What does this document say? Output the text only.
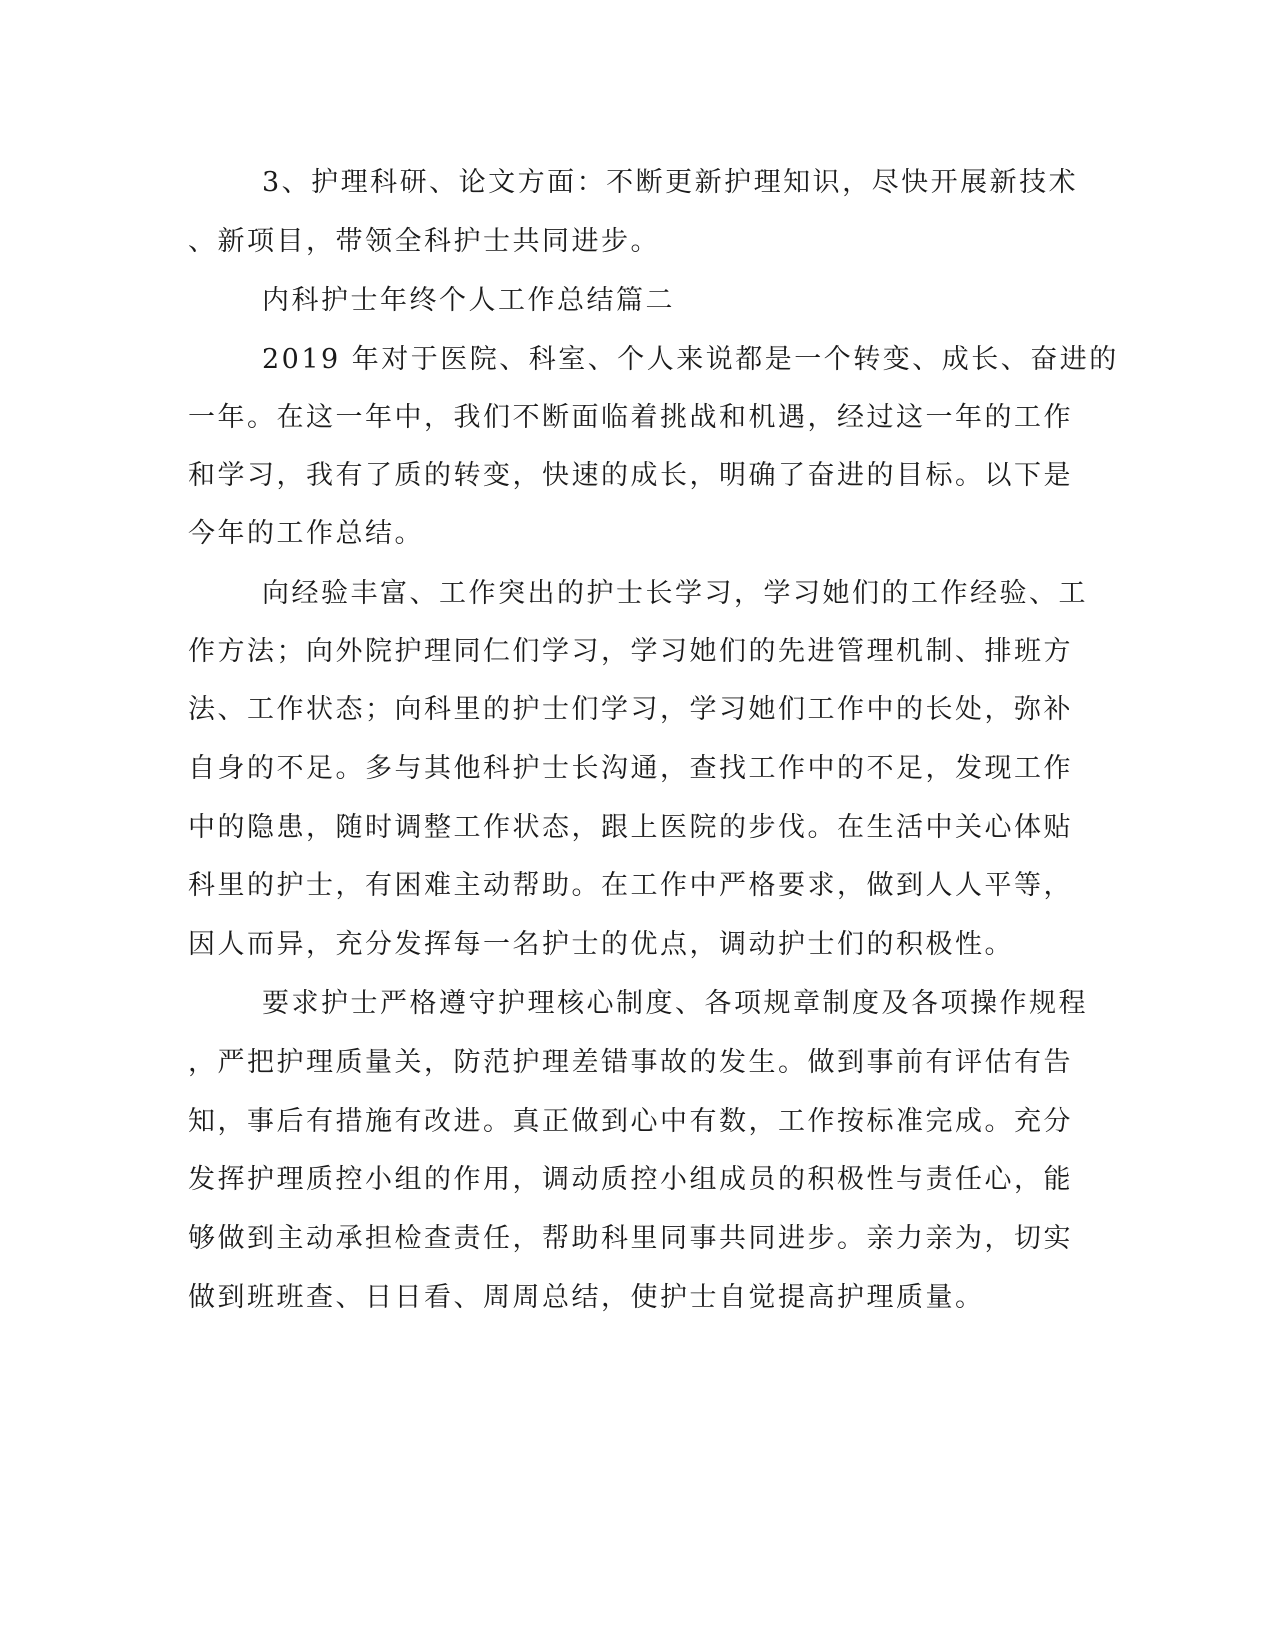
3、护理科研、论文方面：不断更新护理知识，尽快开展新技术
、新项目，带领全科护士共同进步。
内科护士年终个人工作总结篇二
2019 年对于医院、科室、个人来说都是一个转变、成长、奋进的
一年。在这一年中，我们不断面临着挑战和机遇，经过这一年的工作
和学习，我有了质的转变，快速的成长，明确了奋进的目标。以下是
今年的工作总结。
向经验丰富、工作突出的护士长学习，学习她们的工作经验、工
作方法；向外院护理同仁们学习，学习她们的先进管理机制、排班方
法、工作状态；向科里的护士们学习，学习她们工作中的长处，弥补
自身的不足。多与其他科护士长沟通，查找工作中的不足，发现工作
中的隐患，随时调整工作状态，跟上医院的步伐。在生活中关心体贴
科里的护士，有困难主动帮助。在工作中严格要求，做到人人平等，
因人而异，充分发挥每一名护士的优点，调动护士们的积极性。
要求护士严格遵守护理核心制度、各项规章制度及各项操作规程
，严把护理质量关，防范护理差错事故的发生。做到事前有评估有告
知，事后有措施有改进。真正做到心中有数，工作按标准完成。充分
发挥护理质控小组的作用，调动质控小组成员的积极性与责任心，能
够做到主动承担检查责任，帮助科里同事共同进步。亲力亲为，切实
做到班班查、日日看、周周总结，使护士自觉提高护理质量。
